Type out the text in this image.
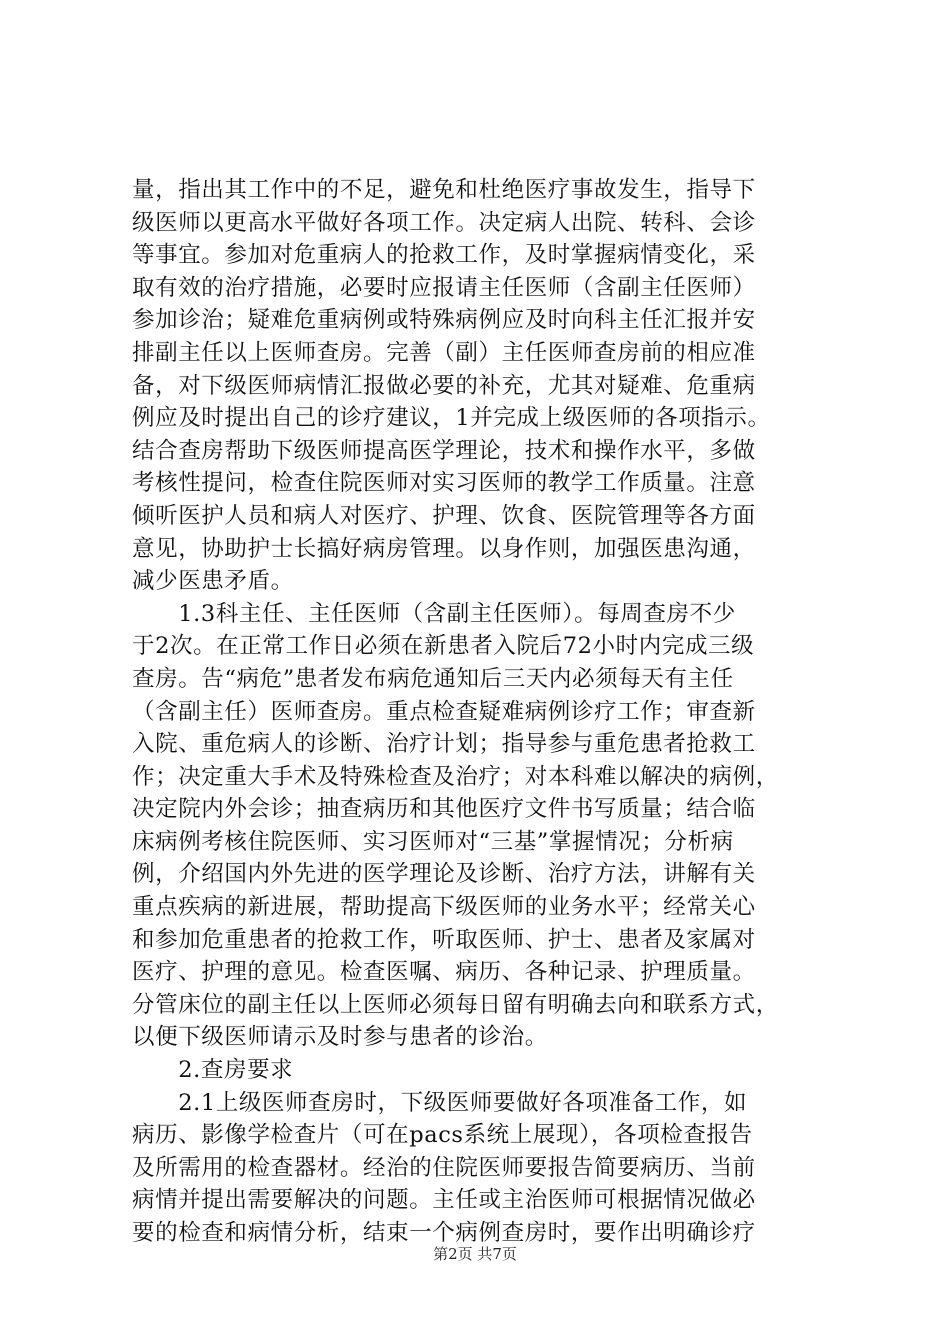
量，指出其工作中的不足，避免和杜绝医疗事故发生，指导下
级医师以更高水平做好各项工作。决定病人出院、转科、会诊
等事宜。参加对危重病人的抢救工作，及时掌握病情变化，采
取有效的治疗措施，必要时应报请主任医师（含副主任医师）
参加诊治；疑难危重病例或特殊病例应及时向科主任汇报并安
排副主任以上医师查房。完善（副）主任医师查房前的相应准
备，对下级医师病情汇报做必要的补充，尤其对疑难、危重病
例应及时提出自己的诊疗建议，1并完成上级医师的各项指示。
结合查房帮助下级医师提高医学理论，技术和操作水平，多做
考核性提问，检查住院医师对实习医师的教学工作质量。注意
倾听医护人员和病人对医疗、护理、饮食、医院管理等各方面
意见，协助护士长搞好病房管理。以身作则，加强医患沟通，
减少医患矛盾。
　　1.3科主任、主任医师（含副主任医师）。每周查房不少
于2次。在正常工作日必须在新患者入院后72小时内完成三级
查房。告“病危”患者发布病危通知后三天内必须每天有主任
（含副主任）医师查房。重点检查疑难病例诊疗工作；审查新
入院、重危病人的诊断、治疗计划；指导参与重危患者抢救工
作；决定重大手术及特殊检查及治疗；对本科难以解决的病例，
决定院内外会诊；抽查病历和其他医疗文件书写质量；结合临
床病例考核住院医师、实习医师对“三基”掌握情况；分析病
例，介绍国内外先进的医学理论及诊断、治疗方法，讲解有关
重点疾病的新进展，帮助提高下级医师的业务水平；经常关心
和参加危重患者的抢救工作，听取医师、护士、患者及家属对
医疗、护理的意见。检查医嘱、病历、各种记录、护理质量。
分管床位的副主任以上医师必须每日留有明确去向和联系方式，
以便下级医师请示及时参与患者的诊治。
　　2.查房要求
　　2.1上级医师查房时，下级医师要做好各项准备工作，如
病历、影像学检查片（可在pacs系统上展现），各项检查报告
及所需用的检查器材。经治的住院医师要报告简要病历、当前
病情并提出需要解决的问题。主任或主治医师可根据情况做必
要的检查和病情分析，结束一个病例查房时，要作出明确诊疗
第2页 共7页
